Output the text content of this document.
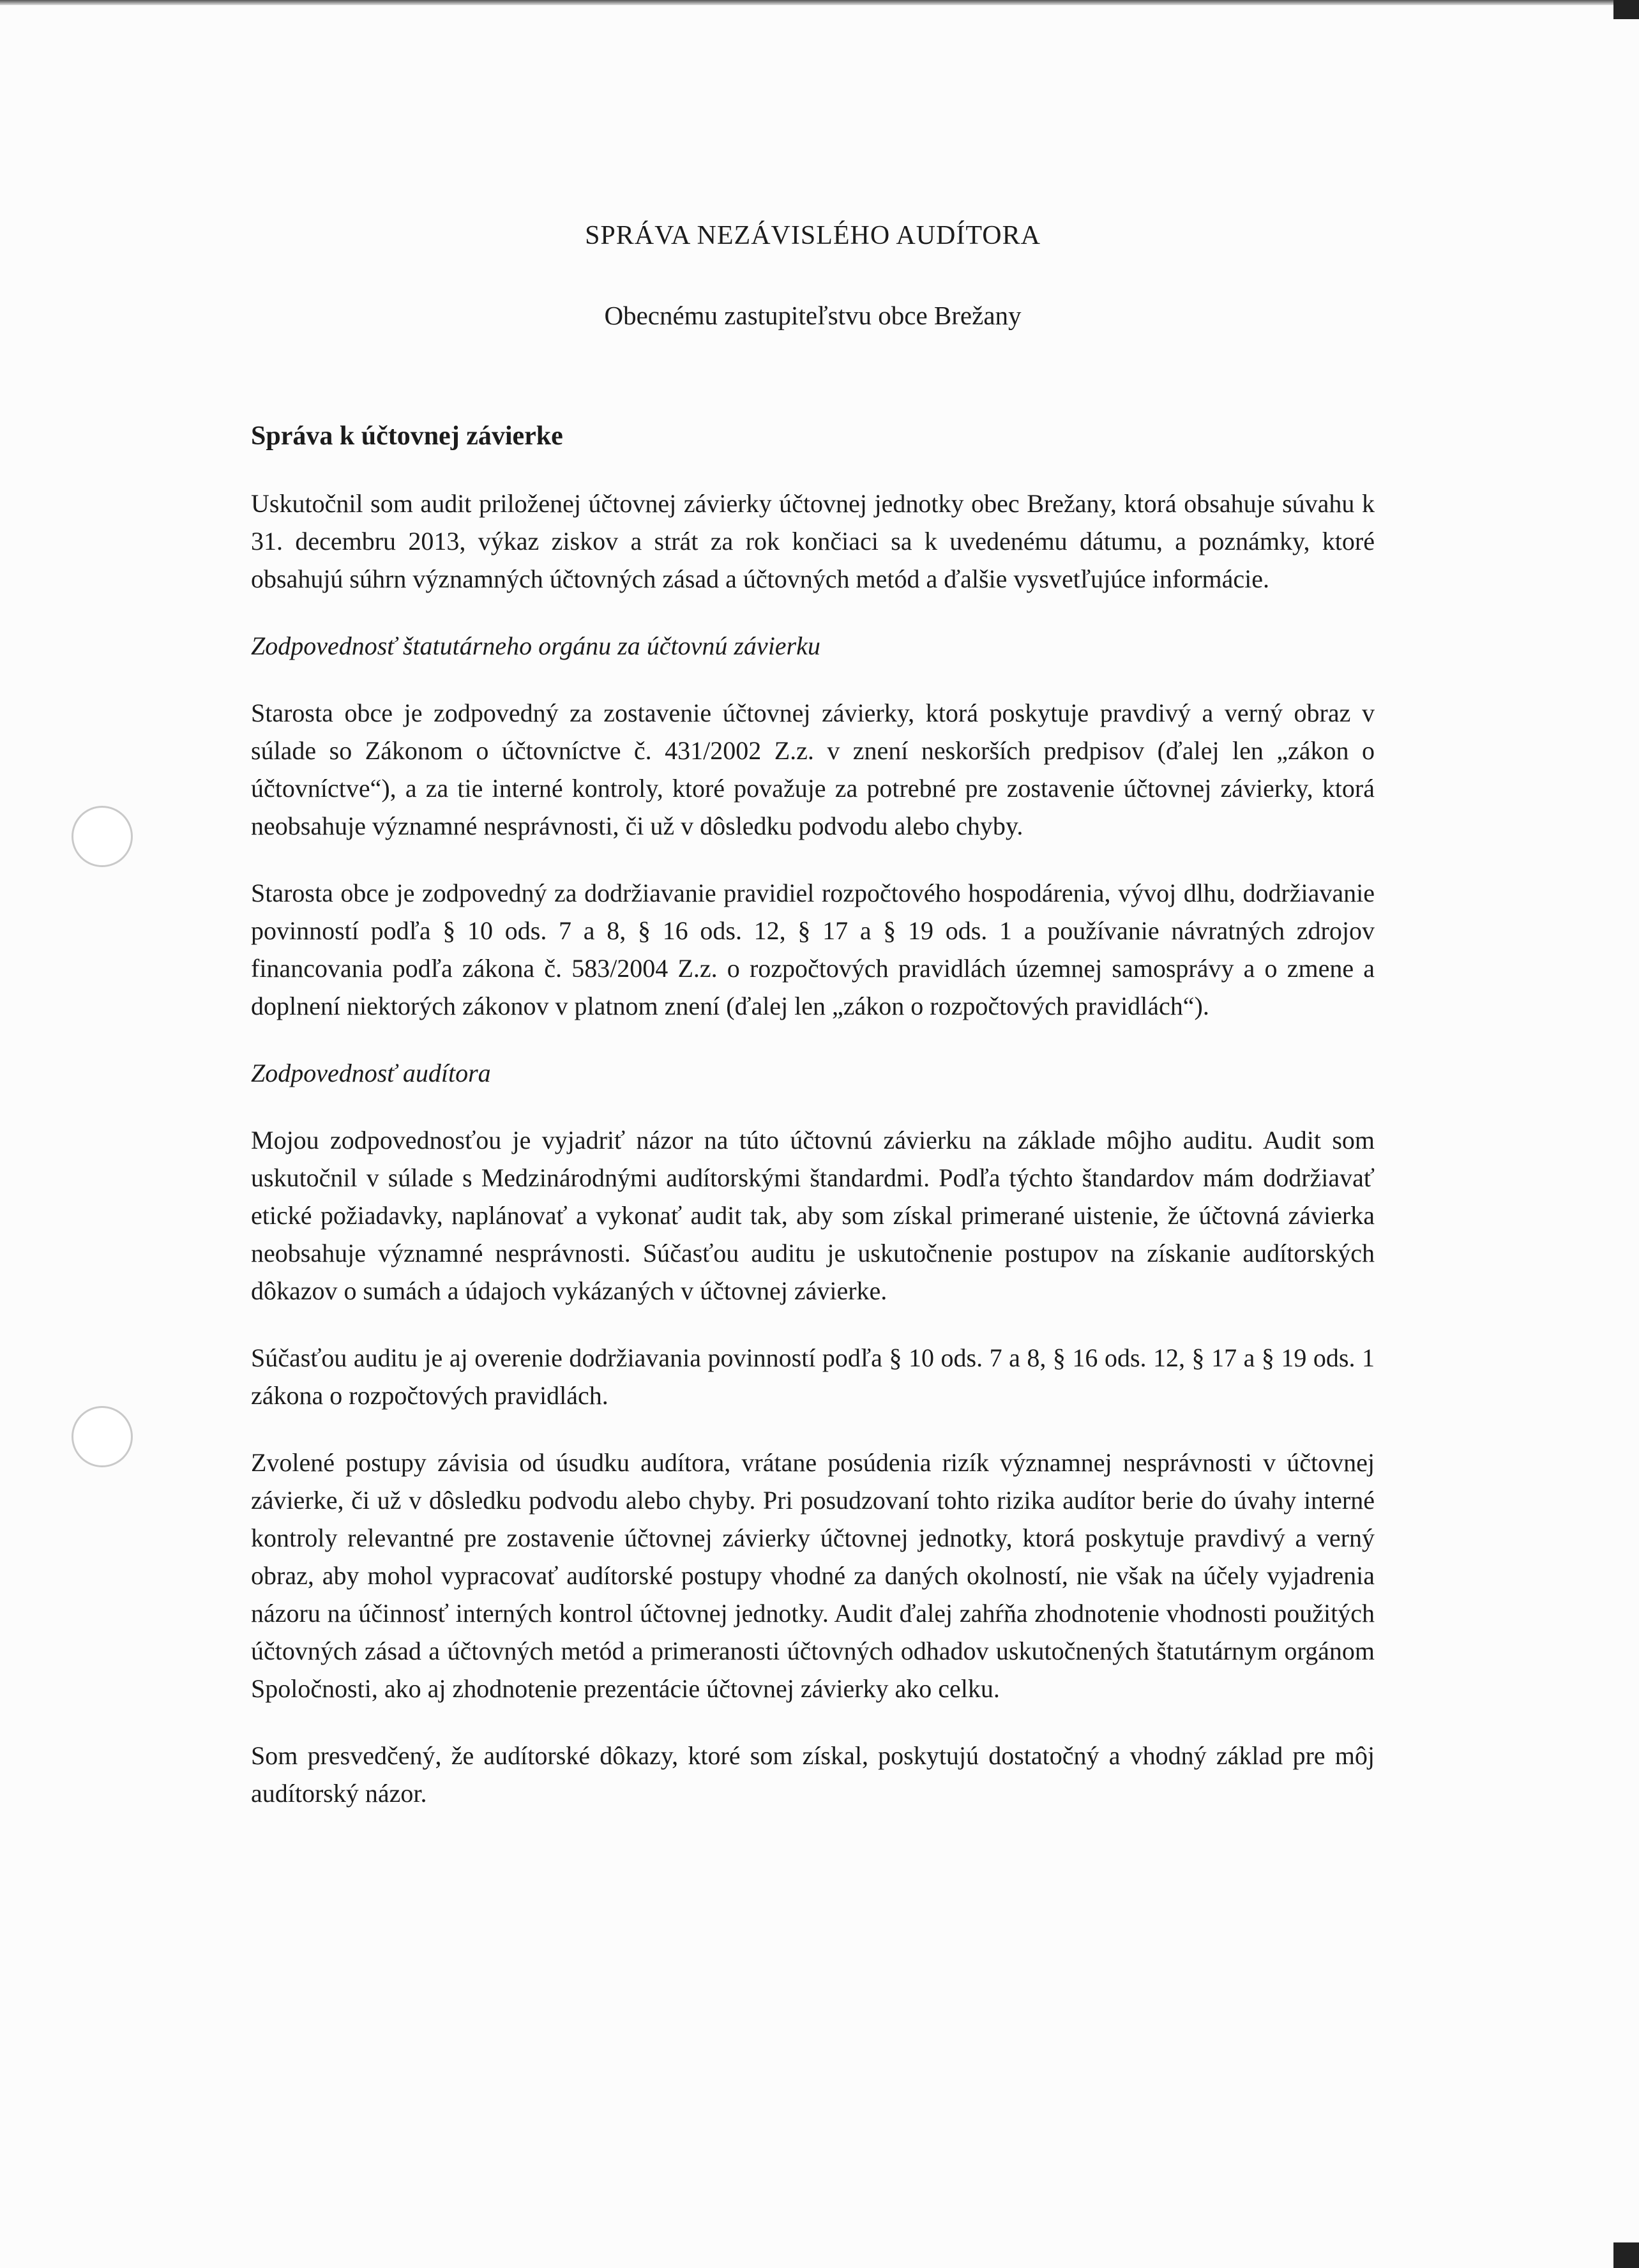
SPRÁVA NEZÁVISLÉHO AUDÍTORA
Obecnému zastupiteľstvu obce Brežany
Správa k účtovnej závierke

Uskutočnil som audit priloženej účtovnej závierky účtovnej jednotky obec Brežany, ktorá obsahuje súvahu k 31. decembru 2013, výkaz ziskov a strát za rok končiaci sa k uvedenému dátumu, a poznámky, ktoré obsahujú súhrn významných účtovných zásad a účtovných metód a ďalšie vysvetľujúce informácie.

Zodpovednosť štatutárneho orgánu za účtovnú závierku

Starosta obce je zodpovedný za zostavenie účtovnej závierky, ktorá poskytuje pravdivý a verný obraz v súlade so Zákonom o účtovníctve č. 431/2002 Z.z. v znení neskorších predpisov (ďalej len „zákon o účtovníctve“), a za tie interné kontroly, ktoré považuje za potrebné pre zostavenie účtovnej závierky, ktorá neobsahuje významné nesprávnosti, či už v dôsledku podvodu alebo chyby.

Starosta obce je zodpovedný za dodržiavanie pravidiel rozpočtového hospodárenia, vývoj dlhu, dodržiavanie povinností podľa § 10 ods. 7 a 8, § 16 ods. 12, § 17 a § 19 ods. 1 a používanie návratných zdrojov financovania podľa zákona č. 583/2004 Z.z. o rozpočtových pravidlách územnej samosprávy a o zmene a doplnení niektorých zákonov v platnom znení (ďalej len „zákon o rozpočtových pravidlách“).

Zodpovednosť audítora

Mojou zodpovednosťou je vyjadriť názor na túto účtovnú závierku na základe môjho auditu. Audit som uskutočnil v súlade s Medzinárodnými audítorskými štandardmi. Podľa týchto štandardov mám dodržiavať etické požiadavky, naplánovať a vykonať audit tak, aby som získal primerané uistenie, že účtovná závierka neobsahuje významné nesprávnosti. Súčasťou auditu je uskutočnenie postupov na získanie audítorských dôkazov o sumách a údajoch vykázaných v účtovnej závierke.

Súčasťou auditu je aj overenie dodržiavania povinností podľa § 10 ods. 7 a 8, § 16 ods. 12, § 17 a § 19 ods. 1 zákona o rozpočtových pravidlách.

Zvolené postupy závisia od úsudku audítora, vrátane posúdenia rizík významnej nesprávnosti v účtovnej závierke, či už v dôsledku podvodu alebo chyby. Pri posudzovaní tohto rizika audítor berie do úvahy interné kontroly relevantné pre zostavenie účtovnej závierky účtovnej jednotky, ktorá poskytuje pravdivý a verný obraz, aby mohol vypracovať audítorské postupy vhodné za daných okolností, nie však na účely vyjadrenia názoru na účinnosť interných kontrol účtovnej jednotky. Audit ďalej zahŕňa zhodnotenie vhodnosti použitých účtovných zásad a účtovných metód a primeranosti účtovných odhadov uskutočnených štatutárnym orgánom Spoločnosti, ako aj zhodnotenie prezentácie účtovnej závierky ako celku.

Som presvedčený, že audítorské dôkazy, ktoré som získal, poskytujú dostatočný a vhodný základ pre môj audítorský názor.
